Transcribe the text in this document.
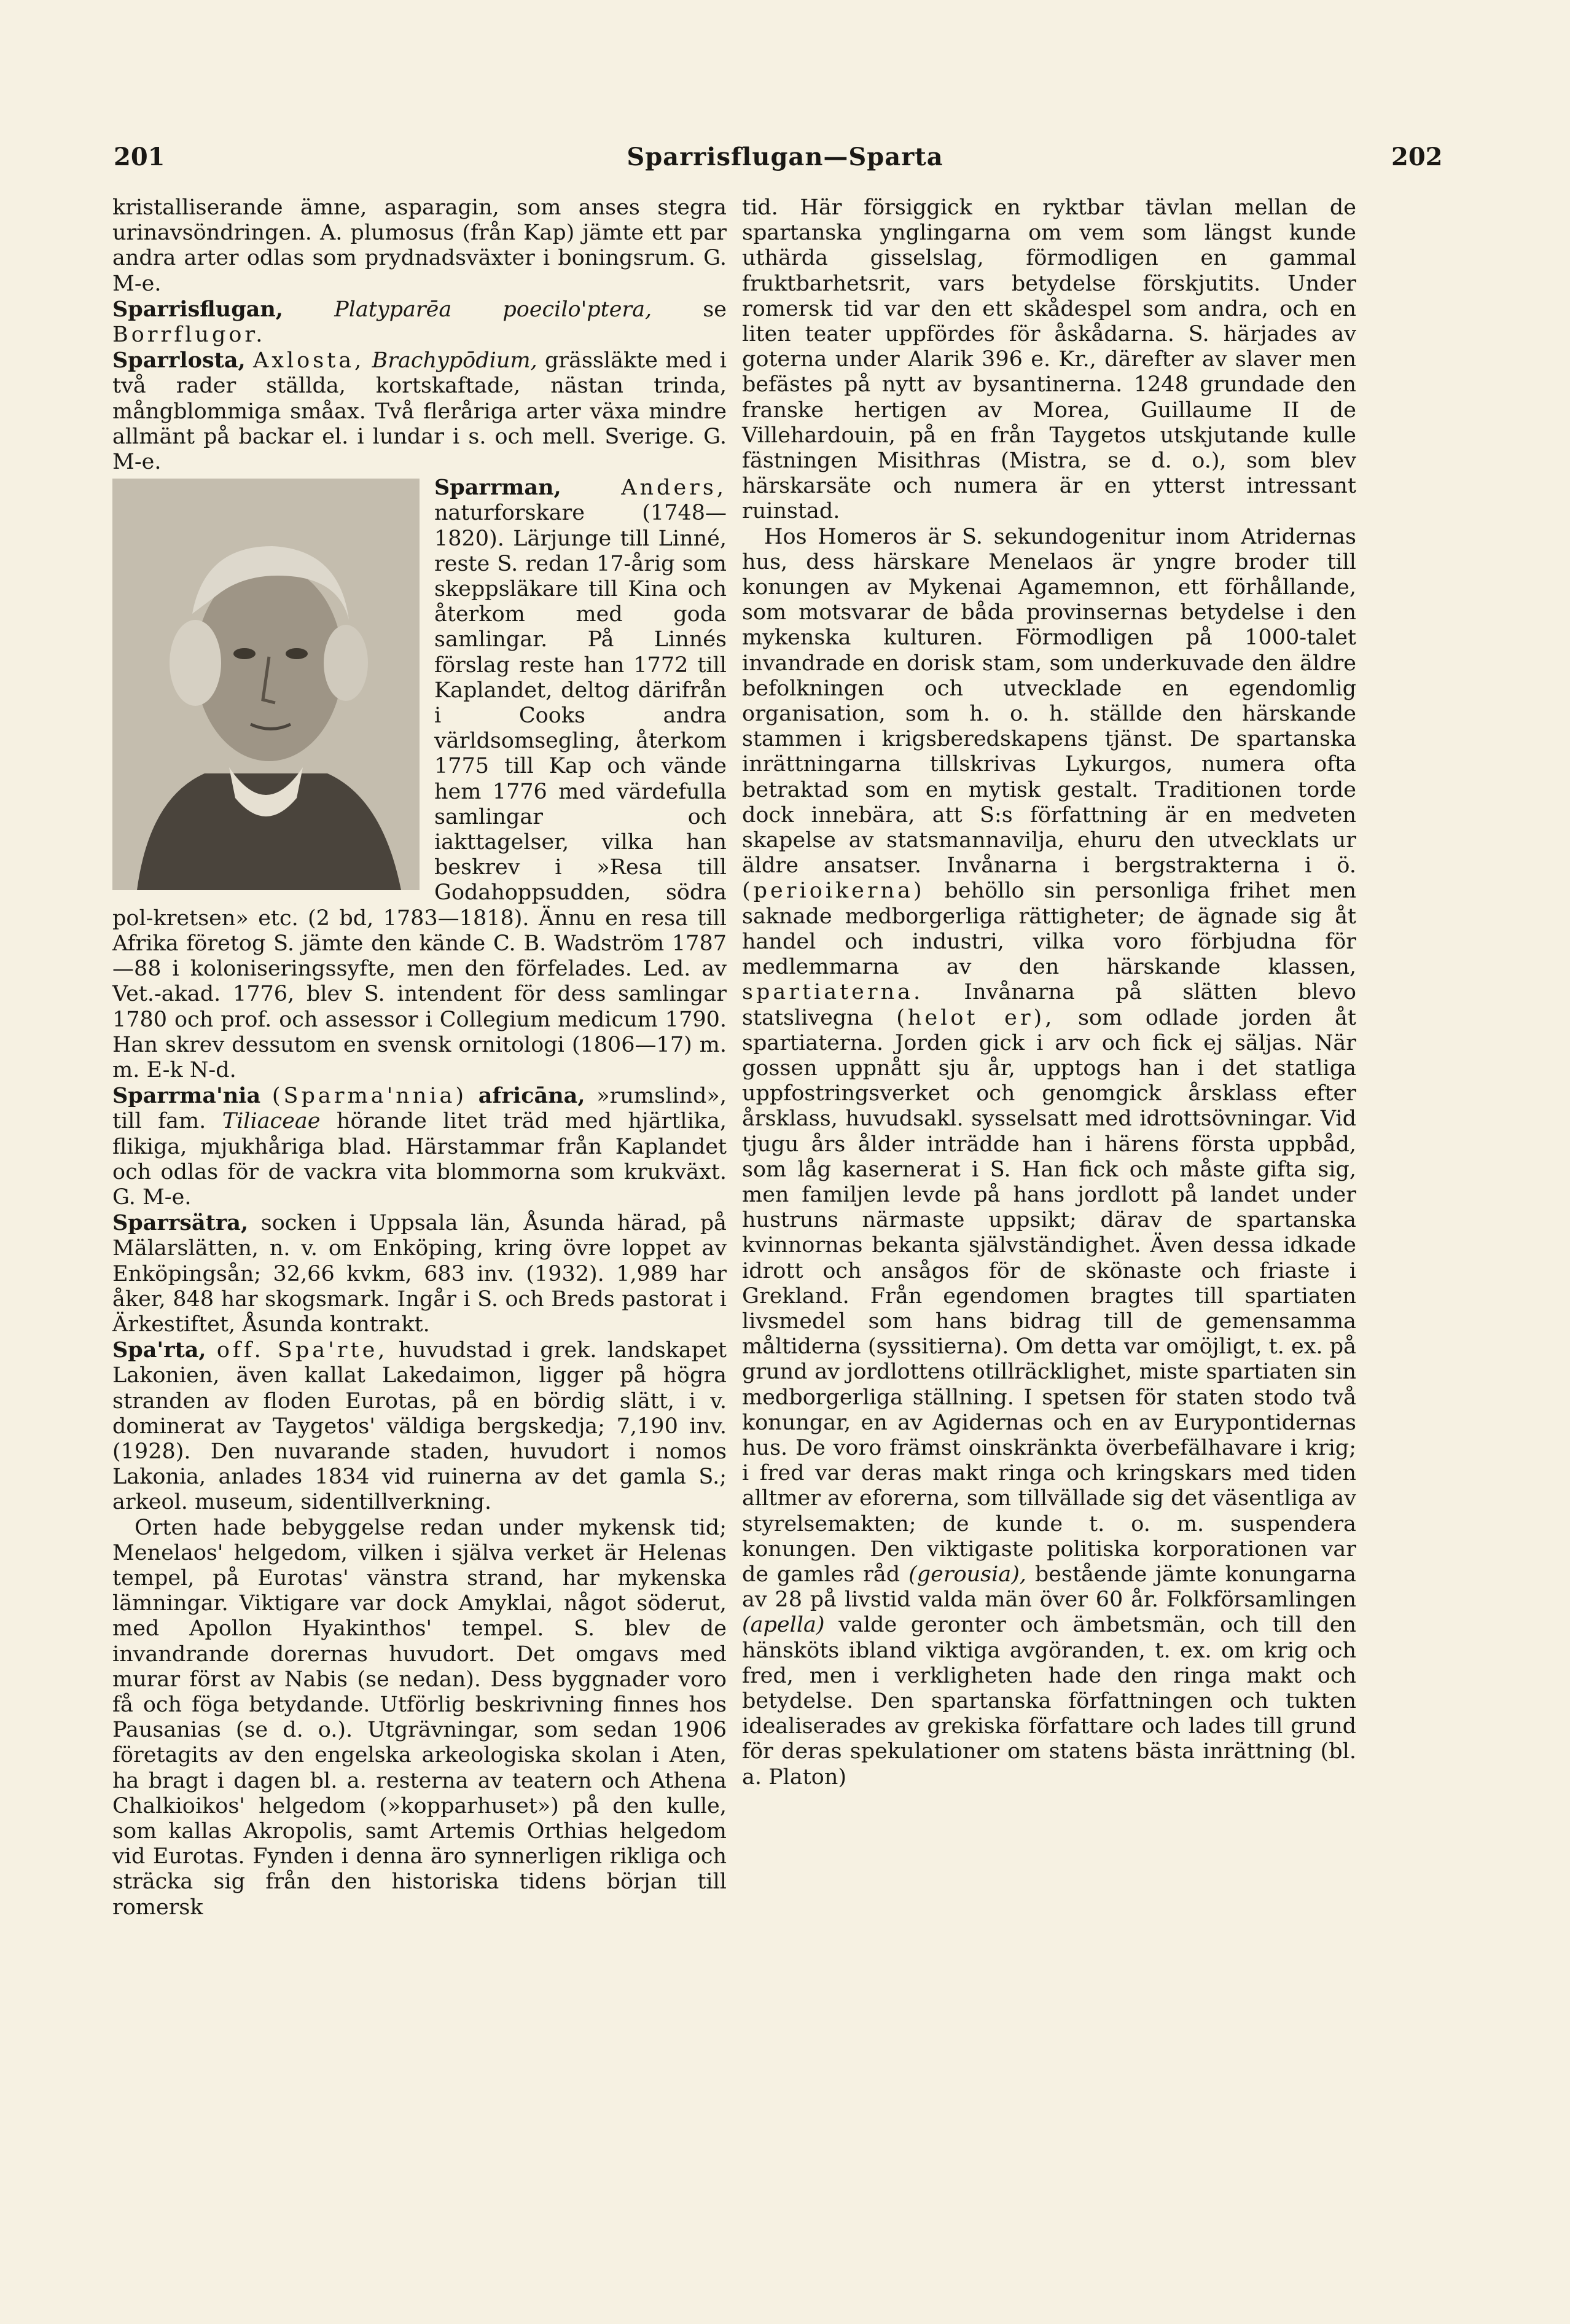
201	Sparrisflugan—Sparta	202

kristalliserande ämne, asparagin, som anses stegra urinavsöndringen. A. plumosus (från Kap) jämte ett par andra arter odlas som prydnadsväxter i boningsrum. G. M-e.

Sparrisflugan, Platyparēa poecilo'ptera, se Borrflugor.

Sparrlosta, Axlosta, Brachypōdium, grässläkte med i två rader ställda, kortskaftade, nästan trinda, mångblommiga småax. Två fleråriga arter växa mindre allmänt på backar el. i lundar i s. och mell. Sverige. G. M-e.

Sparrman,	Anders, naturforskare (1748—1820). Lärjunge till Linné, reste S. redan 17-årig som skeppsläkare till Kina och återkom med goda samlingar. På Linnés förslag reste han 1772 till Kaplandet, deltog därifrån i Cooks andra världsomsegling, återkom 1775 till Kap och vände hem 1776 med värdefulla samlingar och iakttagelser, vilka han beskrev i »Resa till Godahoppsudden, södra pol-kretsen» etc. (2 bd, 1783—1818). Ännu en resa till Afrika företog S. jämte den kände C. B. Wadström 1787—88 i koloniseringssyfte, men den förfelades. Led. av Vet.-akad. 1776, blev S. intendent för dess samlingar 1780 och prof. och assessor i Collegium medicum 1790. Han skrev dessutom en svensk ornitologi (1806—17) m. m. E-k N-d.

Sparrma'nia (Sparma'nnia) africāna, »rumslind», till fam. Tiliaceae hörande litet träd med hjärtlika, flikiga, mjukhåriga blad. Härstammar från Kaplandet och odlas för de vackra vita blommorna som krukväxt. G. M-e.

Sparrsätra, socken i Uppsala län, Åsunda härad, på Mälarslätten, n. v. om Enköping, kring övre loppet av Enköpingsån; 32,66 kvkm, 683 inv. (1932). 1,989 har åker, 848 har skogsmark. Ingår i S. och Breds pastorat i Ärkestiftet, Åsunda kontrakt.

Spa'rta, off. Spa'rte, huvudstad i grek. landskapet Lakonien, även kallat Lakedaimon, ligger på högra stranden av floden Eurotas, på en bördig slätt, i v. dominerat av Taygetos' väldiga bergskedja; 7,190 inv. (1928). Den nuvarande staden, huvudort i nomos Lakonia, anlades 1834 vid ruinerna av det gamla S.; arkeol. museum, sidentillverkning.

Orten hade bebyggelse redan under mykensk tid; Menelaos' helgedom, vilken i själva verket är Helenas tempel, på Eurotas' vänstra strand, har mykenska lämningar. Viktigare var dock Amyklai, något söderut, med Apollon Hyakinthos' tempel. S. blev de invandrande dorernas huvudort. Det omgavs med murar först av Nabis (se nedan). Dess byggnader voro få och föga betydande. Utförlig beskrivning finnes hos Pausanias (se d. o.). Utgrävningar, som sedan 1906 företagits av den engelska arkeologiska skolan i Aten, ha bragt i dagen bl. a. resterna av teatern och Athena Chalkioikos' helgedom (»kopparhuset») på den kulle, som kallas Akropolis, samt Artemis Orthias helgedom vid Eurotas. Fynden i denna äro synnerligen rikliga och sträcka sig från den historiska tidens början till romersk

tid. Här försiggick en ryktbar tävlan mellan de spartanska ynglingarna om vem som längst kunde uthärda gisselslag, förmodligen en gammal fruktbarhetsrit, vars betydelse förskjutits. Under romersk tid var den ett skådespel som andra, och en liten teater uppfördes för åskådarna. S. härjades av goterna under Alarik 396 e. Kr., därefter av slaver men befästes på nytt av bysantinerna. 1248 grundade den franske hertigen av Morea, Guillaume II de Villehardouin, på en från Taygetos utskjutande kulle fästningen Misithras (Mistra, se d. o.), som blev härskarsäte och numera är en ytterst intressant ruinstad.

Hos Homeros är S. sekundogenitur inom Atridernas hus, dess härskare Menelaos är yngre broder till konungen av Mykenai Agamemnon, ett förhållande, som motsvarar de båda provinsernas betydelse i den mykenska kulturen. Förmodligen på 1000-talet invandrade en dorisk stam, som underkuvade den äldre befolkningen och utvecklade en egendomlig organisation, som h. o. h. ställde den härskande stammen i krigsberedskapens tjänst. De spartanska inrättningarna tillskrivas Lykurgos, numera ofta betraktad som en mytisk gestalt. Traditionen torde dock innebära, att S:s författning är en medveten skapelse av statsmannavilja, ehuru den utvecklats ur äldre ansatser. Invånarna i bergstrakterna i ö. (perioikerna) behöllo sin personliga frihet men saknade medborgerliga rättigheter; de ägnade sig åt handel och industri, vilka voro förbjudna för medlemmarna av den härskande klassen, spartiaterna. Invånarna på slätten blevo statslivegna (helot er), som odlade jorden åt spartiaterna. Jorden gick i arv och fick ej säljas. När gossen uppnått sju år, upptogs han i det statliga uppfostringsverket och genomgick årsklass efter årsklass, huvudsakl. sysselsatt med idrottsövningar. Vid tjugu års ålder inträdde han i härens första uppbåd, som låg kasernerat i S. Han fick och måste gifta sig, men familjen levde på hans jordlott på landet under hustruns närmaste uppsikt; därav de spartanska kvinnornas bekanta självständighet. Även dessa idkade idrott och ansågos för de skönaste och friaste i Grekland. Från egendomen bragtes till spartiaten livsmedel som hans bidrag till de gemensamma måltiderna (syssitierna). Om detta var omöjligt, t. ex. på grund av jordlottens otillräcklighet, miste spartiaten sin medborgerliga ställning. I spetsen för staten stodo två konungar, en av Agidernas och en av Eurypontidernas hus. De voro främst oinskränkta överbefälhavare i krig; i fred var deras makt ringa och kringskars med tiden alltmer av eforerna, som tillvällade sig det väsentliga av styrelsemakten; de kunde t. o. m. suspendera konungen. Den viktigaste politiska korporationen var de gamles råd (gerousia), bestående jämte konungarna av 28 på livstid valda män över 60 år. Folkförsamlingen (apella) valde geronter och ämbetsmän, och till den hänsköts ibland viktiga avgöranden, t. ex. om krig och fred, men i verkligheten hade den ringa makt och betydelse. Den spartanska författningen och tukten idealiserades av grekiska författare och lades till grund för deras spekulationer om statens bästa inrättning (bl. a. Platon)
